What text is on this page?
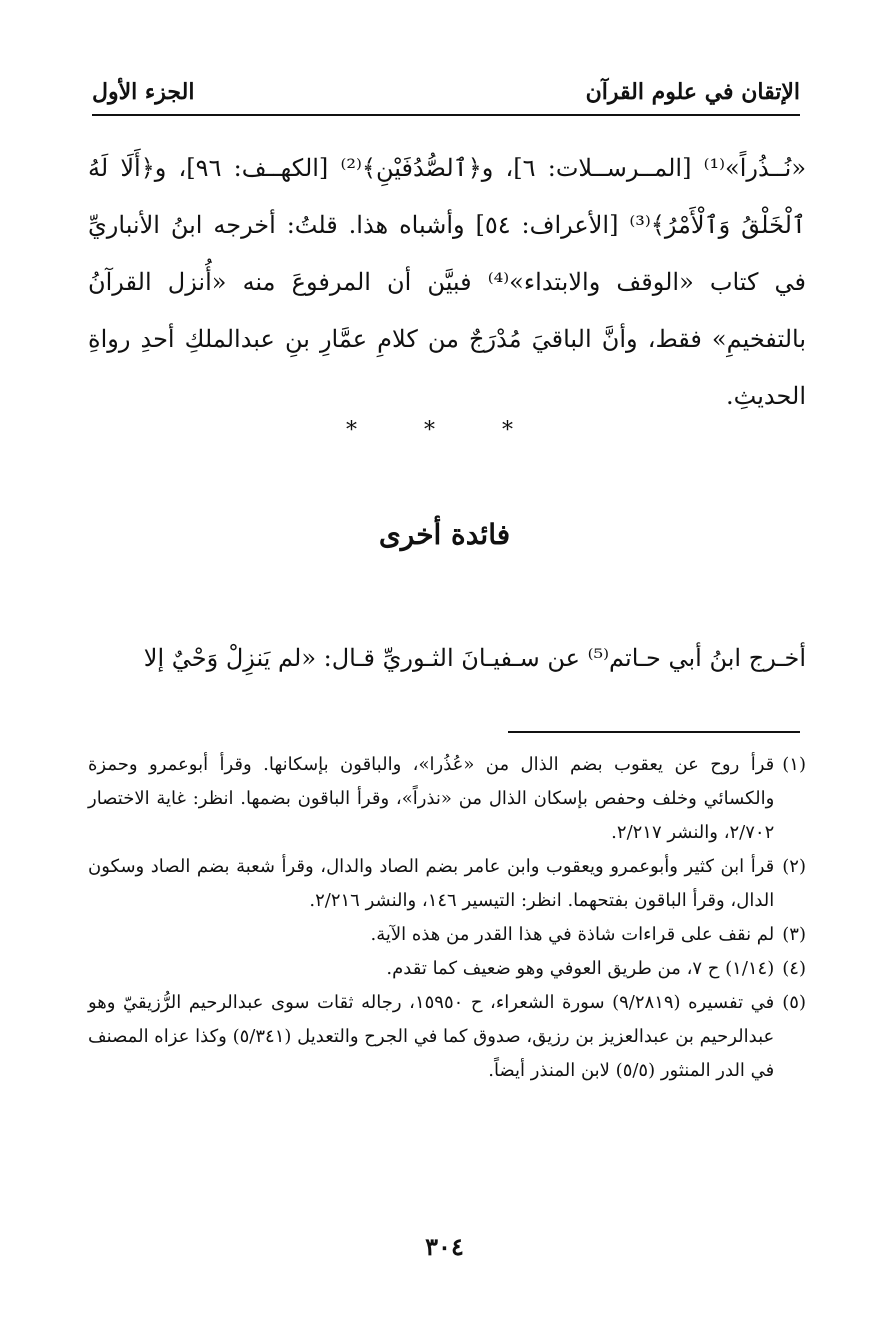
الإتقان في علوم القرآن
الجزء الأول

«نُــذُراً»⁽¹⁾ [المــرســلات: ٦]، و﴿ٱلصُّدُفَيْنِ﴾⁽²⁾ [الكهــف: ٩٦]، و﴿أَلَا لَهُ ٱلْخَلْقُ وَٱلْأَمْرُ﴾⁽³⁾ [الأعراف: ٥٤] وأشباه هذا. قلتُ: أخرجه ابنُ الأنباريِّ في كتاب «الوقف والابتداء»⁽⁴⁾ فبيَّن أن المرفوعَ منه «أُنزل القرآنُ بالتفخيمِ» فقط، وأنَّ الباقيَ مُدْرَجٌ من كلامِ عمَّارِ بنِ عبدالملكِ أحدِ رواةِ الحديثِ.

* * *
فائدة أخرى
أخـرج ابنُ أبي حـاتم⁽⁵⁾ عن سـفيـانَ الثـوريِّ قـال: «لم يَنزِلْ وَحْيٌ إلا
(١)
قرأ روح عن يعقوب بضم الذال من «عُذُرا»، والباقون بإسكانها. وقرأ أبوعمرو وحمزة والكسائي وخلف وحفص بإسكان الذال من «نذراً»، وقرأ الباقون بضمها. انظر: غاية الاختصار ٢/٧٠٢، والنشر ٢/٢١٧.
(٢)
قرأ ابن كثير وأبوعمرو ويعقوب وابن عامر بضم الصاد والدال، وقرأ شعبة بضم الصاد وسكون الدال، وقرأ الباقون بفتحهما. انظر: التيسير ١٤٦، والنشر ٢/٢١٦.
(٣)
لم نقف على قراءات شاذة في هذا القدر من هذه الآية.
(٤)
(١/١٤) ح ٧، من طريق العوفي وهو ضعيف كما تقدم.
(٥)
في تفسيره (٩/٢٨١٩) سورة الشعراء، ح ١٥٩٥٠، رجاله ثقات سوى عبدالرحيم الرُّزيقيّ وهو عبدالرحيم بن عبدالعزيز بن رزيق، صدوق كما في الجرح والتعديل (٥/٣٤١) وكذا عزاه المصنف في الدر المنثور (٥/٥) لابن المنذر أيضاً.
٣٠٤
